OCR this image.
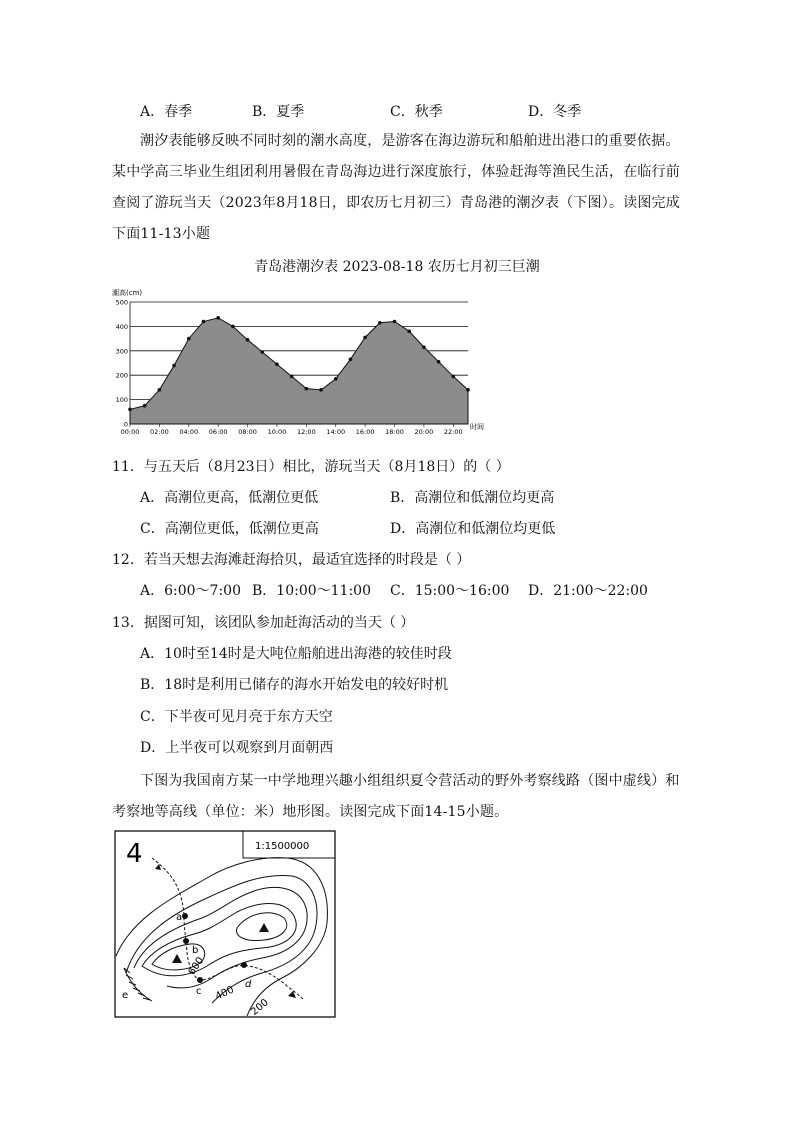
A．春季	B．夏季	C．秋季	D．冬季
潮汐表能够反映不同时刻的潮水高度，是游客在海边游玩和船舶进出港口的重要依据。某中学高三毕业生组团利用暑假在青岛海边进行深度旅行，体验赶海等渔民生活，在临行前查阅了游玩当天（2023年8月18日，即农历七月初三）青岛港的潮汐表（下图）。读图完成下面11-13小题
青岛港潮汐表 2023-08-18 农历七月初三巨潮
0
100
200
300
400
500
00:00 02:00 04:00 06:00 08:00 10:00 12:00 14:00 16:00 18:00 20:00 22:00
潮高(cm)
时间
11．与五天后（8月23日）相比，游玩当天（8月18日）的（ ）
A．高潮位更高，低潮位更低	B．高潮位和低潮位均更高
C．高潮位更低，低潮位更高	D．高潮位和低潮位均更低
12．若当天想去海滩赶海拾贝，最适宜选择的时段是（ ）
A．6:00～7:00 B．10:00～11:00 C．15:00～16:00 D．21:00～22:00
13．据图可知，该团队参加赶海活动的当天（ ）
A．10时至14时是大吨位船舶进出海港的较佳时段
B．18时是利用已储存的海水开始发电的较好时机
C．下半夜可见月亮于东方天空
D．上半夜可以观察到月面朝西
下图为我国南方某一中学地理兴趣小组组织夏令营活动的野外考察线路（图中虚线）和考察地等高线（单位：米）地形图。读图完成下面14-15小题。
1:1500000
4
a
b
c
d
e
600
400
200
